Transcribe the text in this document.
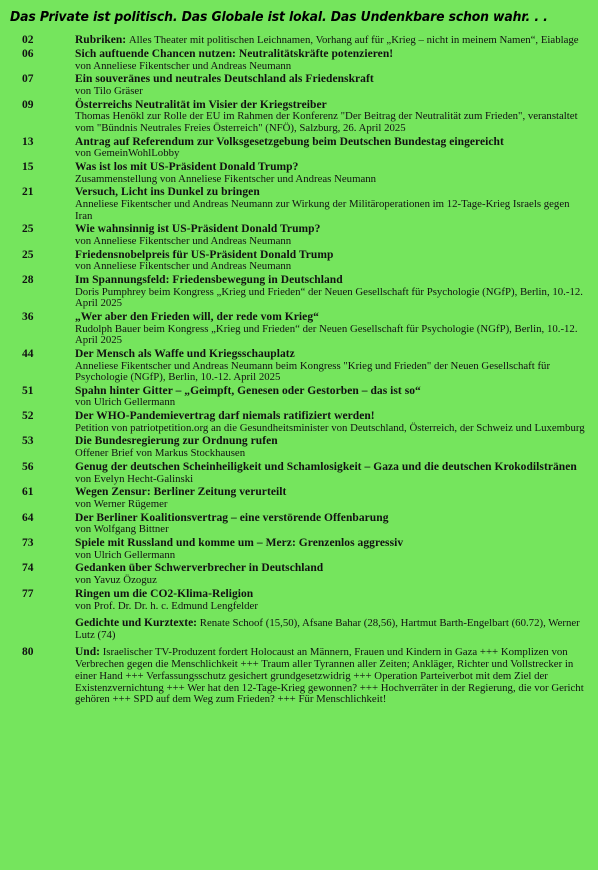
Das Private ist politisch. Das Globale ist lokal. Das Undenkbare schon wahr. . .
02	Rubriken: Alles Theater mit politischen Leichnamen, Vorhang auf für „Krieg – nicht in meinem Namen“, Eiablage
06	Sich auftuende Chancen nutzen: Neutralitätskräfte potenzieren!
von Anneliese Fikentscher und Andreas Neumann
07	Ein souveränes und neutrales Deutschland als Friedenskraft
von Tilo Gräser
09	Österreichs Neutralität im Visier der Kriegstreiber
Thomas Henökl zur Rolle der EU im Rahmen der Konferenz "Der Beitrag der Neutralität zum Frieden", veranstaltet vom "Bündnis Neutrales Freies Österreich" (NFÖ), Salzburg, 26. April 2025
13	Antrag auf Referendum zur Volksgesetzgebung beim Deutschen Bundestag eingereicht
von GemeinWohlLobby
15	Was ist los mit US-Präsident Donald Trump?
Zusammenstellung von Anneliese Fikentscher und Andreas Neumann
21	Versuch, Licht ins Dunkel zu bringen
Anneliese Fikentscher und Andreas Neumann zur Wirkung der Militäroperationen im 12-Tage-Krieg Israels gegen Iran
25	Wie wahnsinnig ist US-Präsident Donald Trump?
von Anneliese Fikentscher und Andreas Neumann
25	Friedensnobelpreis für US-Präsident Donald Trump
von Anneliese Fikentscher und Andreas Neumann
28	Im Spannungsfeld: Friedensbewegung in Deutschland
Doris Pumphrey beim Kongress „Krieg und Frieden“ der Neuen Gesellschaft für Psychologie (NGfP), Berlin, 10.-12. April 2025
36	„Wer aber den Frieden will, der rede vom Krieg“
Rudolph Bauer beim Kongress „Krieg und Frieden“ der Neuen Gesellschaft für Psychologie (NGfP), Berlin, 10.-12. April 2025
44	Der Mensch als Waffe und Kriegsschauplatz
Anneliese Fikentscher und Andreas Neumann beim Kongress "Krieg und Frieden" der Neuen Gesellschaft für Psychologie (NGfP), Berlin, 10.-12. April 2025
51	Spahn hinter Gitter – „Geimpft, Genesen oder Gestorben – das ist so“
von Ulrich Gellermann
52	Der WHO-Pandemievertrag darf niemals ratifiziert werden!
Petition von patriotpetition.org an die Gesundheitsminister von Deutschland, Österreich, der Schweiz und Luxemburg
53	Die Bundesregierung zur Ordnung rufen
Offener Brief von Markus Stockhausen
56	Genug der deutschen Scheinheiligkeit und Schamlosigkeit – Gaza und die deutschen Krokodilstränen
von Evelyn Hecht-Galinski
61	Wegen Zensur: Berliner Zeitung verurteilt
von Werner Rügemer
64	Der Berliner Koalitionsvertrag – eine verstörende Offenbarung
von Wolfgang Bittner
73	Spiele mit Russland und komme um – Merz: Grenzenlos aggressiv
von Ulrich Gellermann
74	Gedanken über Schwerverbrecher in Deutschland
von Yavuz Özoguz
77	Ringen um die CO2-Klima-Religion
von Prof. Dr. Dr. h. c. Edmund Lengfelder
Gedichte und Kurztexte: Renate Schoof (15,50), Afsane Bahar (28,56), Hartmut Barth-Engelbart (60.72), Werner Lutz (74)
80	Und: Israelischer TV-Produzent fordert Holocaust an Männern, Frauen und Kindern in Gaza +++ Komplizen von Verbrechen gegen die Menschlichkeit +++ Traum aller Tyrannen aller Zeiten; Ankläger, Richter und Vollstrecker in einer Hand +++ Verfassungsschutz gesichert grundgesetzwidrig +++ Operation Parteiverbot mit dem Ziel der Existenzvernichtung +++ Wer hat den 12-Tage-Krieg gewonnen? +++ Hochverräter in der Regierung, die vor Gericht gehören +++ SPD auf dem Weg zum Frieden? +++ Für Menschlichkeit!
